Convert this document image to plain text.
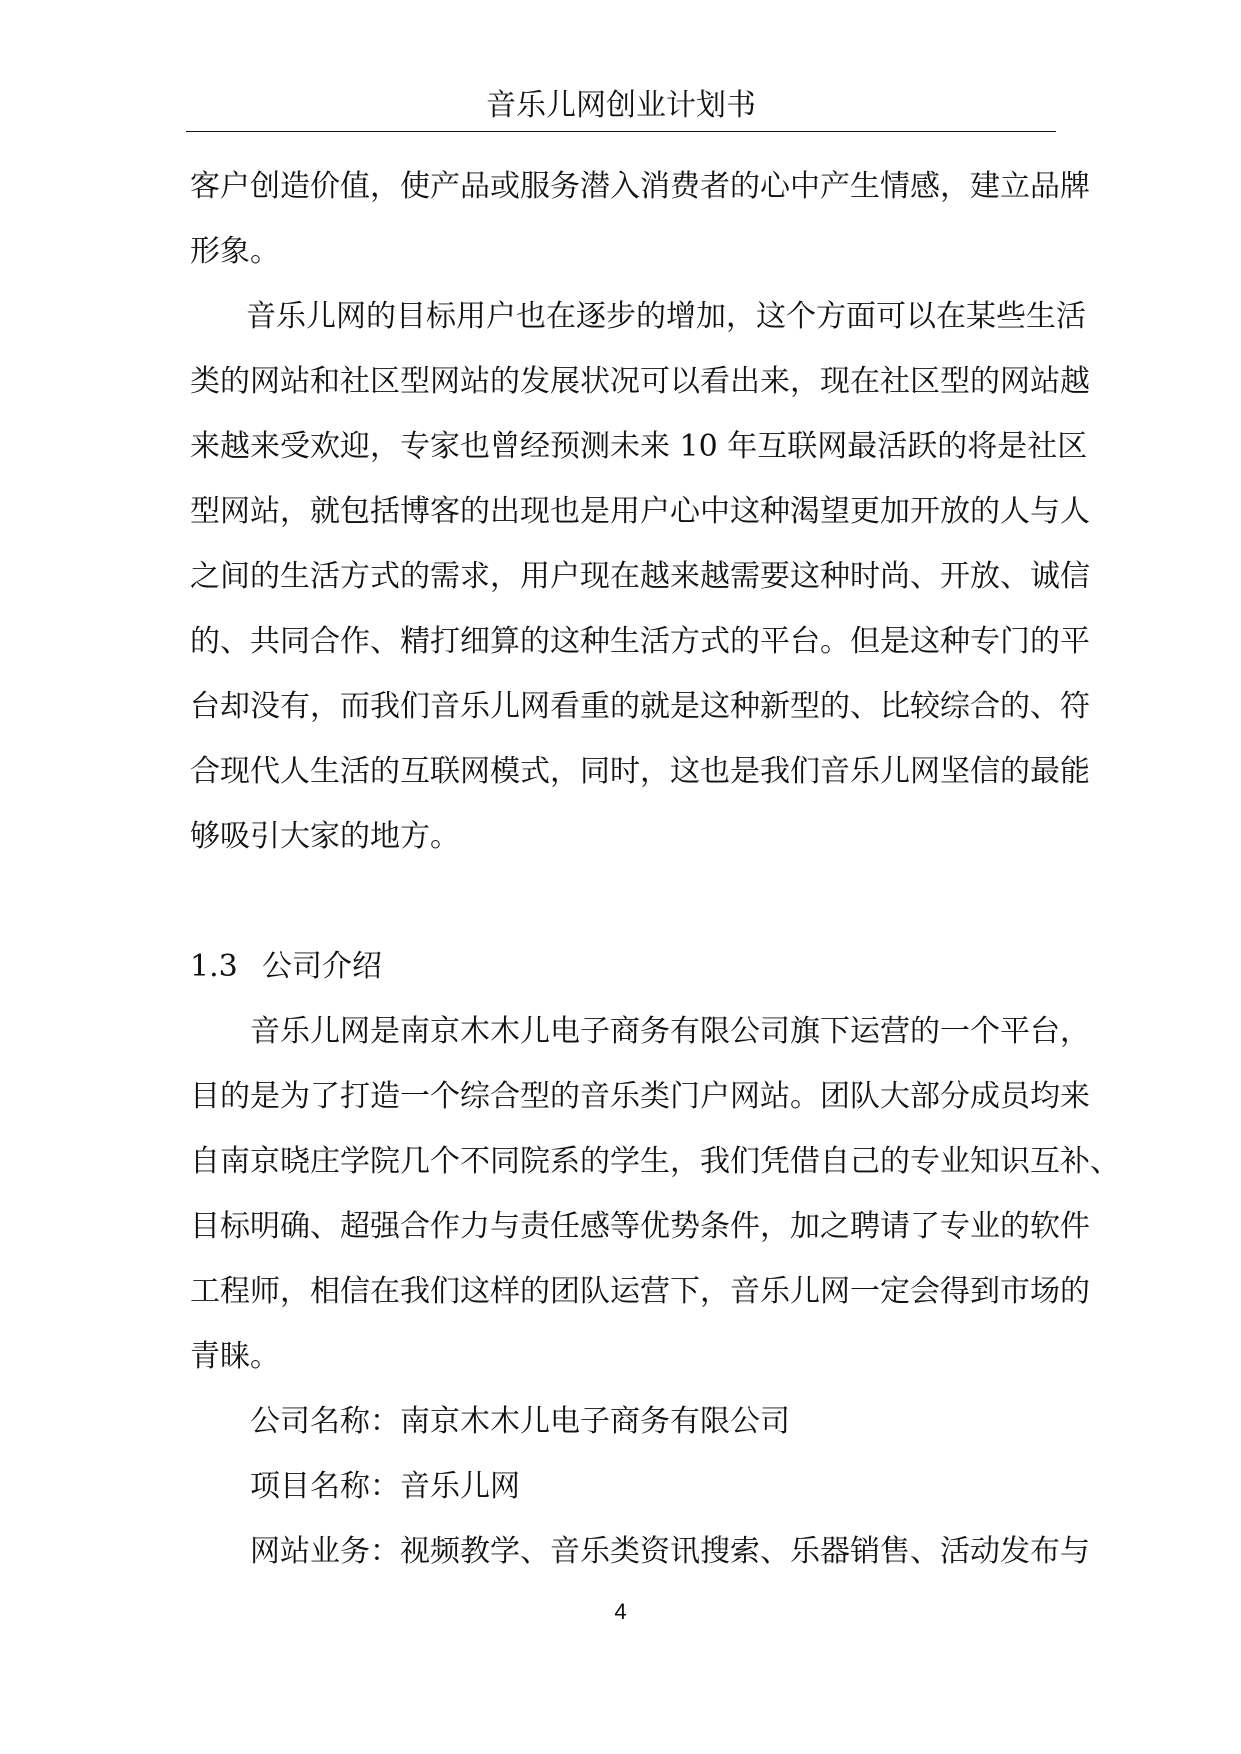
音乐儿网创业计划书
客户创造价值，使产品或服务潜入消费者的心中产生情感，建立品牌
形象。
音乐儿网的目标用户也在逐步的增加，这个方面可以在某些生活
类的网站和社区型网站的发展状况可以看出来，现在社区型的网站越
来越来受欢迎，专家也曾经预测未来 10 年互联网最活跃的将是社区
型网站，就包括博客的出现也是用户心中这种渴望更加开放的人与人
之间的生活方式的需求，用户现在越来越需要这种时尚、开放、诚信
的、共同合作、精打细算的这种生活方式的平台。但是这种专门的平
台却没有，而我们音乐儿网看重的就是这种新型的、比较综合的、符
合现代人生活的互联网模式，同时，这也是我们音乐儿网坚信的最能
够吸引大家的地方。
1.3 公司介绍
音乐儿网是南京木木儿电子商务有限公司旗下运营的一个平台，
目的是为了打造一个综合型的音乐类门户网站。团队大部分成员均来
自南京晓庄学院几个不同院系的学生，我们凭借自己的专业知识互补、
目标明确、超强合作力与责任感等优势条件，加之聘请了专业的软件
工程师，相信在我们这样的团队运营下，音乐儿网一定会得到市场的
青睐。
公司名称：南京木木儿电子商务有限公司
项目名称：音乐儿网
网站业务：视频教学、音乐类资讯搜索、乐器销售、活动发布与
4
